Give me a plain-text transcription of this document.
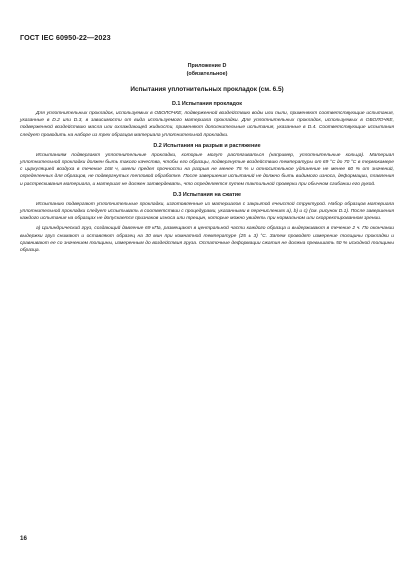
ГОСТ IEC 60950-22—2023
Приложение D
(обязательное)
Испытания уплотнительных прокладок (см. 6.5)
D.1 Испытания прокладок

Для уплотнительных прокладок, используемых в ОБОЛОЧКЕ, подверженной воздействию воды или пыли, применяют соответствующие испытания, указанные в D.2 или D.3, в зависимости от вида используемого материала прокладки. Для уплотнительных прокладок, используемых в ОБОЛОЧКЕ, подверженной воздействию масла или охлаждающей жидкости, применяют дополнительные испытания, указанные в D.4. Соответствующие испытания следует проводить на наборе из трех образцов материала уплотнительной прокладки.

D.2 Испытания на разрыв и растяжение

Испытаниям подвергают уплотнительные прокладки, которые могут растягиваться (например, уплотнительные кольца). Материал уплотнительной прокладки должен быть такого качества, чтобы его образцы, подвергнутые воздействию температуры от 69 °С до 70 °С в термокамере с циркуляцией воздуха в течение 168 ч, имели предел прочности на разрыв не менее 75 % и относительное удлинение не менее 60 % от значений, определенных для образцов, не подвергнутых тепловой обработке. После завершения испытаний не должно быть видимого износа, деформации, плавления и растрескивания материала, и материал не должен затвердевать, что определяется путем тактильной проверки при обычном сгибании его рукой.

D.3 Испытания на сжатие

Испытанию подвергают уплотнительные прокладки, изготовленные из материалов с закрытой ячеистой структурой. Набор образцов материала уплотнительной прокладки следует испытывать в соответствии с процедурами, указанными в перечислениях а), b) и c) (см. рисунок D.1). После завершения каждого испытания на образцах не допускается признаков износа или трещин, которые можно увидеть при нормальном или скорректированном зрении.

а) Цилиндрический груз, создающий давление 69 кПа, размещают в центральной части каждого образца и выдерживают в течение 2 ч. По окончании выдержки груз снимают и оставляют образец на 30 мин при комнатной температуре (25 ± 3) °С. Затем проводят измерение толщины прокладки и сравнивают ее со значением толщины, измеренным до воздействия груза. Остаточные деформации сжатия не должна превышать 50 % исходной толщины образца.

16
